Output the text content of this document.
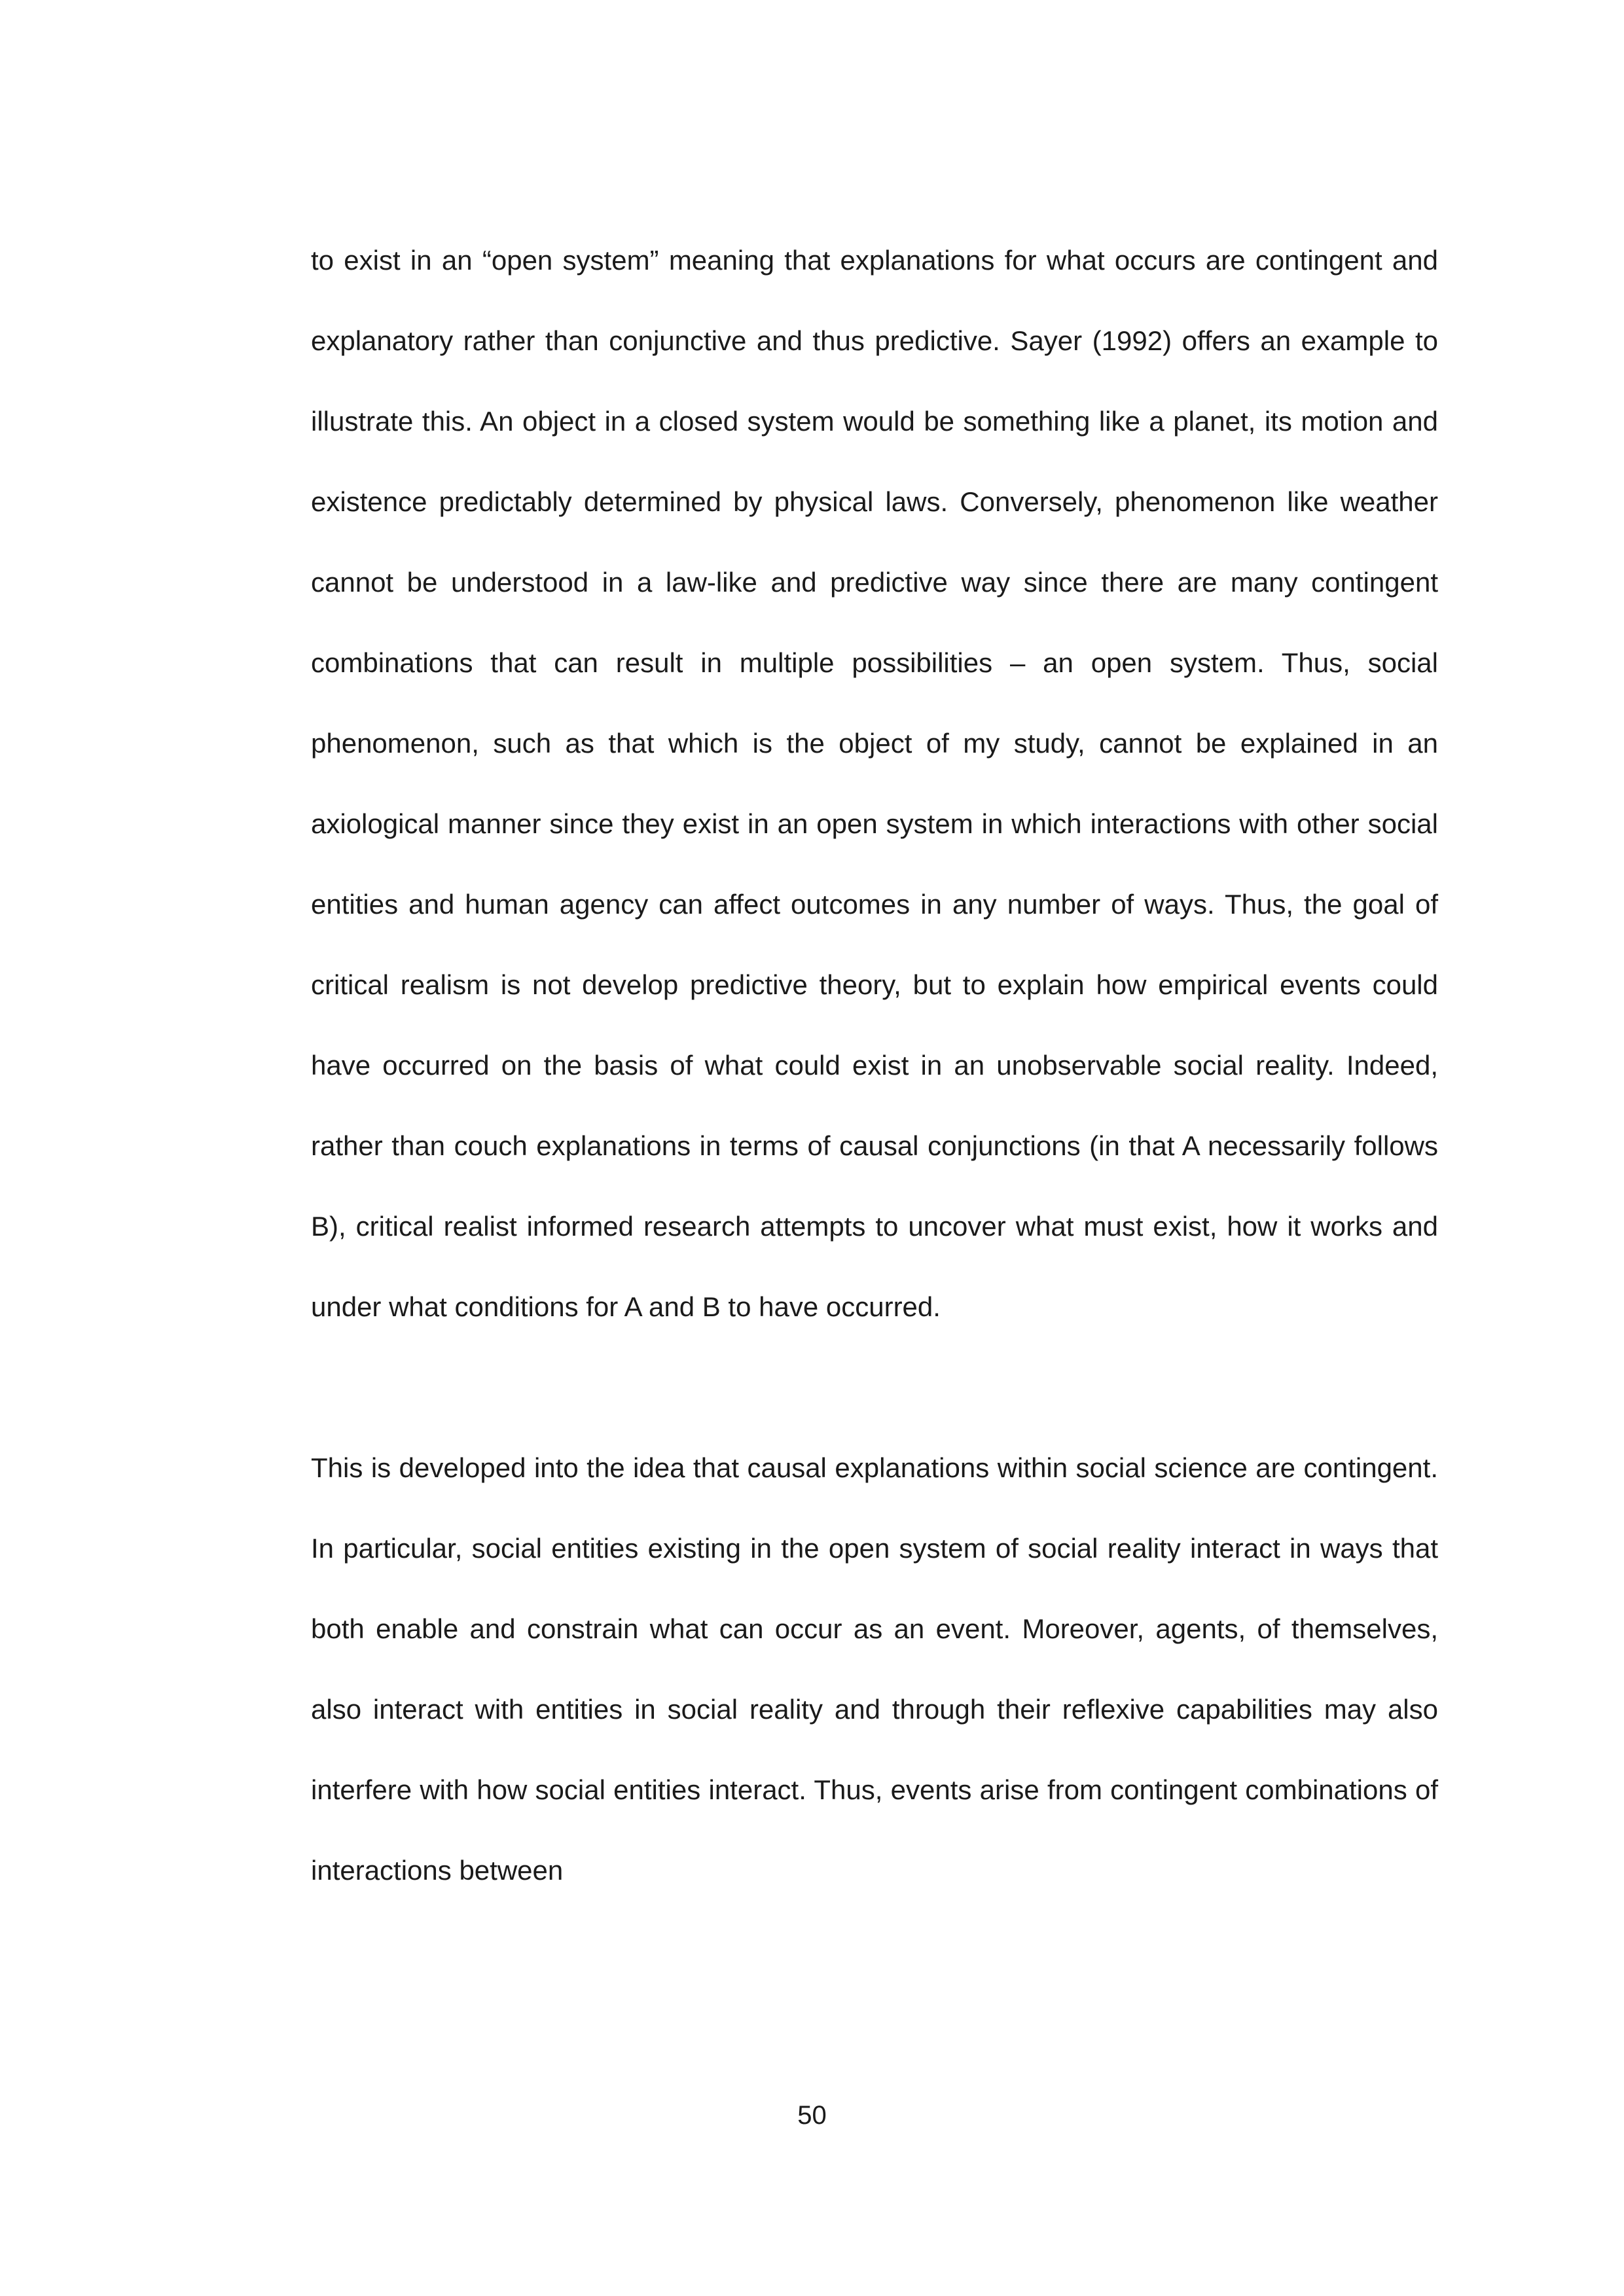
to exist in an “open system” meaning that explanations for what occurs are contingent and explanatory rather than conjunctive and thus predictive. Sayer (1992) offers an example to illustrate this. An object in a closed system would be something like a planet, its motion and existence predictably determined by physical laws. Conversely, phenomenon like weather cannot be understood in a law-like and predictive way since there are many contingent combinations that can result in multiple possibilities – an open system. Thus, social phenomenon, such as that which is the object of my study, cannot be explained in an axiological manner since they exist in an open system in which interactions with other social entities and human agency can affect outcomes in any number of ways. Thus, the goal of critical realism is not develop predictive theory, but to explain how empirical events could have occurred on the basis of what could exist in an unobservable social reality. Indeed, rather than couch explanations in terms of causal conjunctions (in that A necessarily follows B), critical realist informed research attempts to uncover what must exist, how it works and under what conditions for A and B to have occurred.

This is developed into the idea that causal explanations within social science are contingent. In particular, social entities existing in the open system of social reality interact in ways that both enable and constrain what can occur as an event. Moreover, agents, of themselves, also interact with entities in social reality and through their reflexive capabilities may also interfere with how social entities interact. Thus, events arise from contingent combinations of interactions between

50
